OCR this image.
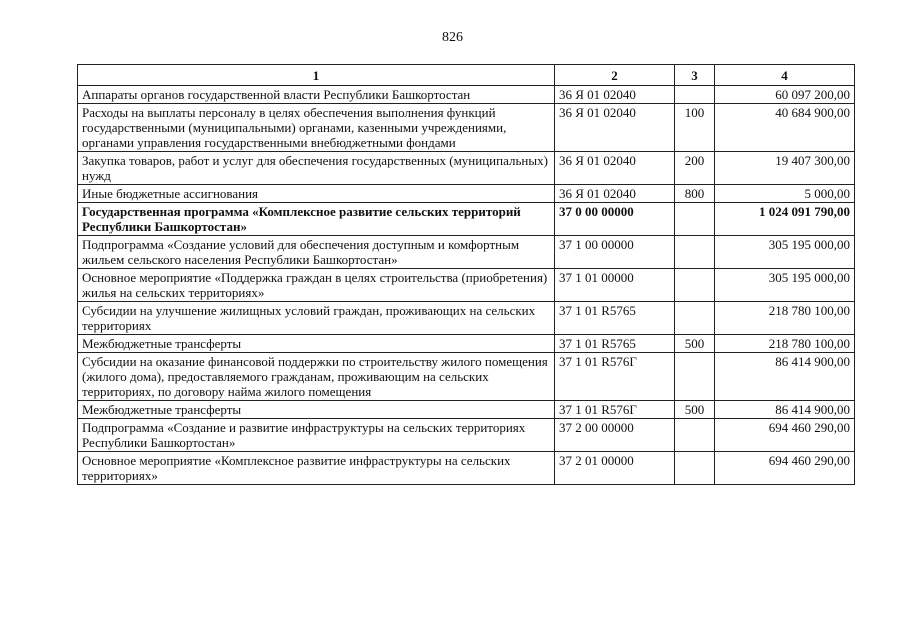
826
1	2	3	4
Аппараты органов государственной власти Республики Башкортостан	36 Я 01 02040		60 097 200,00
Расходы на выплаты персоналу в целях обеспечения выполнения функций государственными (муниципальными) органами, казенными учреждениями, органами управления государственными внебюджетными фондами	36 Я 01 02040	100	40 684 900,00
Закупка товаров, работ и услуг для обеспечения государственных (муниципальных) нужд	36 Я 01 02040	200	19 407 300,00
Иные бюджетные ассигнования	36 Я 01 02040	800	5 000,00
Государственная программа «Комплексное развитие сельских территорий Республики Башкортостан»	37 0 00 00000		1 024 091 790,00
Подпрограмма «Создание условий для обеспечения доступным и комфортным жильем сельского населения Республики Башкортостан»	37 1 00 00000		305 195 000,00
Основное мероприятие «Поддержка граждан в целях строительства (приобретения) жилья на сельских территориях»	37 1 01 00000		305 195 000,00
Субсидии на улучшение жилищных условий граждан, проживающих на сельских территориях	37 1 01 R5765		218 780 100,00
Межбюджетные трансферты	37 1 01 R5765	500	218 780 100,00
Субсидии на оказание финансовой поддержки по строительству жилого помещения (жилого дома), предоставляемого гражданам, проживающим на сельских территориях, по договору найма жилого помещения	37 1 01 R576Г		86 414 900,00
Межбюджетные трансферты	37 1 01 R576Г	500	86 414 900,00
Подпрограмма «Создание и развитие инфраструктуры на сельских территориях Республики Башкортостан»	37 2 00 00000		694 460 290,00
Основное мероприятие «Комплексное развитие инфраструктуры на сельских территориях»	37 2 01 00000		694 460 290,00
